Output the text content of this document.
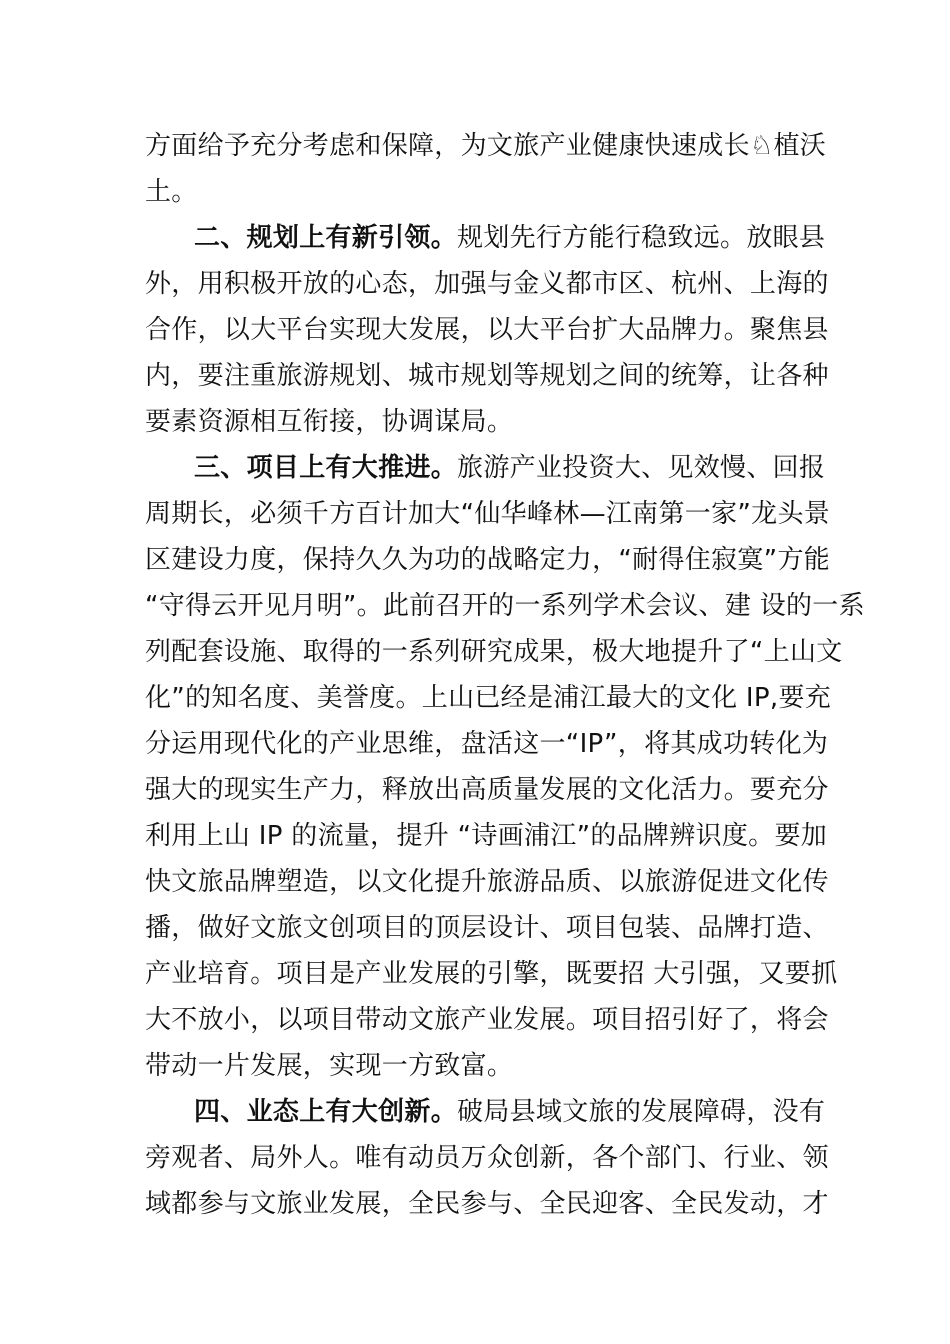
方面给予充分考虑和保障，为文旅产业健康快速成长♘植沃
土。
二、规划上有新引领。规划先行方能行稳致远。放眼县
外，用积极开放的心态，加强与金义都市区、杭州、上海的
合作，以大平台实现大发展，以大平台扩大品牌力。聚焦县
内，要注重旅游规划、城市规划等规划之间的统筹，让各种
要素资源相互衔接，协调谋局。
三、项目上有大推进。旅游产业投资大、见效慢、回报
周期长，必须千方百计加大“仙华峰林—江南第一家”龙头景
区建设力度，保持久久为功的战略定力，“耐得住寂寞”方能
“守得云开见月明”。此前召开的一系列学术会议、建 设的一系
列配套设施、取得的一系列研究成果，极大地提升了“上山文
化”的知名度、美誉度。上山已经是浦江最大的文化 IP,要充
分运用现代化的产业思维，盘活这一“IP”，将其成功转化为
强大的现实生产力，释放出高质量发展的文化活力。要充分
利用上山 IP 的流量，提升 “诗画浦江”的品牌辨识度。要加
快文旅品牌塑造，以文化提升旅游品质、以旅游促进文化传
播，做好文旅文创项目的顶层设计、项目包装、品牌打造、
产业培育。项目是产业发展的引擎，既要招 大引强，又要抓
大不放小，以项目带动文旅产业发展。项目招引好了，将会
带动一片发展，实现一方致富。
四、业态上有大创新。破局县域文旅的发展障碍，没有
旁观者、局外人。唯有动员万众创新，各个部门、行业、领
域都参与文旅业发展，全民参与、全民迎客、全民发动，才
